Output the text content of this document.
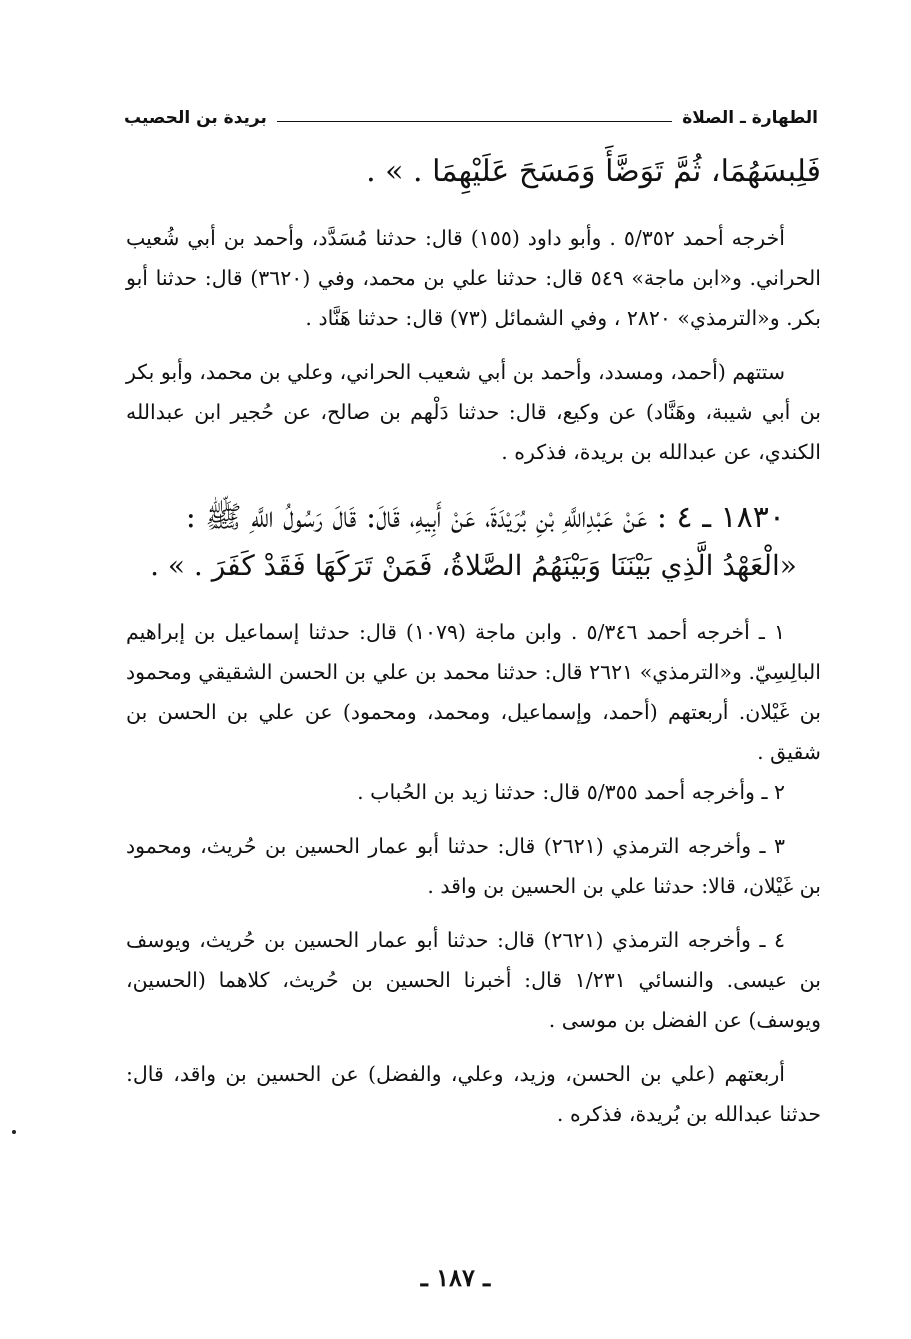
الطهارة ـ الصلاة
بريدة بن الحصيب

فَلِبسَهُمَا، ثُمَّ تَوَضَّأَ وَمَسَحَ عَلَيْهِمَا . » .

أخرجه أحمد ٥/٣٥٢ . وأبو داود (١٥٥) قال: حدثنا مُسَدَّد، وأحمد بن أبي شُعيب الحراني. و«ابن ماجة» ٥٤٩ قال: حدثنا علي بن محمد، وفي (٣٦٢٠) قال: حدثنا أبو بكر. و«الترمذي» ٢٨٢٠ ، وفي الشمائل (٧٣) قال: حدثنا هَنَّاد .

ستتهم (أحمد، ومسدد، وأحمد بن أبي شعيب الحراني، وعلي بن محمد، وأبو بكر بن أبي شيبة، وهَنَّاد) عن وكيع، قال: حدثنا دَلْهم بن صالح، عن حُجير ابن عبدالله الكندي، عن عبدالله بن بريدة، فذكره .

١٨٣٠ ـ ٤ : عَنْ عَبْدِاللَّهِ بْنِ بُرَيْدَةَ، عَنْ أَبِيهِ، قَالَ: قَالَ رَسُولُ اللَّهِ ﷺ :

«الْعَهْدُ الَّذِي بَيْنَنَا وَبَيْنَهُمُ الصَّلاةُ، فَمَنْ تَرَكَهَا فَقَدْ كَفَرَ . » .

١ ـ أخرجه أحمد ٥/٣٤٦ . وابن ماجة (١٠٧٩) قال: حدثنا إسماعيل بن إبراهيم البالِسِيّ. و«الترمذي» ٢٦٢١ قال: حدثنا محمد بن علي بن الحسن الشقيقي ومحمود بن غَيْلان. أربعتهم (أحمد، وإسماعيل، ومحمد، ومحمود) عن علي بن الحسن بن شقيق .

٢ ـ وأخرجه أحمد ٥/٣٥٥ قال: حدثنا زيد بن الحُباب .

٣ ـ وأخرجه الترمذي (٢٦٢١) قال: حدثنا أبو عمار الحسين بن حُريث، ومحمود بن غَيْلان، قالا: حدثنا علي بن الحسين بن واقد .

٤ ـ وأخرجه الترمذي (٢٦٢١) قال: حدثنا أبو عمار الحسين بن حُريث، ويوسف بن عيسى. والنسائي ١/٢٣١ قال: أخبرنا الحسين بن حُريث، كلاهما (الحسين، ويوسف) عن الفضل بن موسى .

أربعتهم (علي بن الحسن، وزيد، وعلي، والفضل) عن الحسين بن واقد، قال: حدثنا عبدالله بن بُريدة، فذكره .

ـ ١٨٧ ـ
